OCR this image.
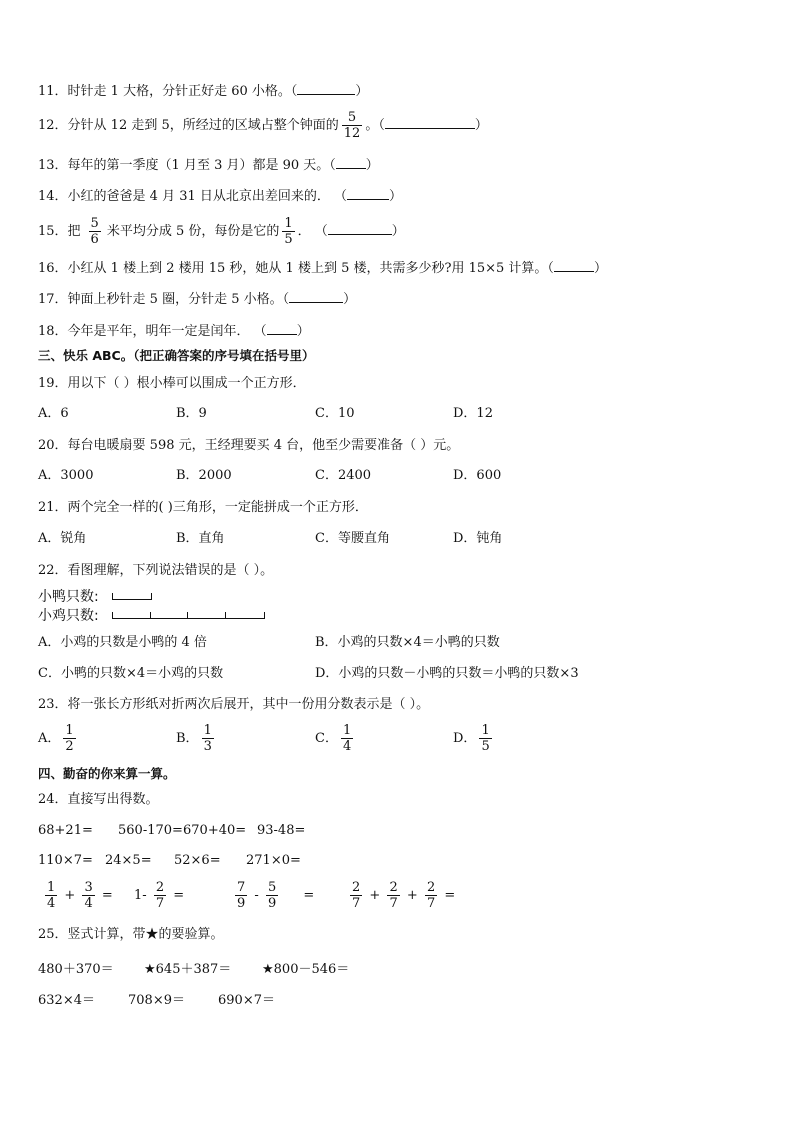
11．时针走 1 大格，分针正好走 60 小格。（	）
12．分针从 12 走到 5，所经过的区域占整个钟面的 $\frac{5}{12}$ 。（	）
13．每年的第一季度（1 月至 3 月）都是 90 天。（ ）
14．小红的爸爸是 4 月 31 日从北京出差回来的． （	）
15．把 $\frac{5}{6}$ 米平均分成 5 份，每份是它的 $\frac{1}{5}$ ． （	）
16．小红从 1 楼上到 2 楼用 15 秒，她从 1 楼上到 5 楼，共需多少秒?用 15×5 计算。（	）
17．钟面上秒针走 5 圈，分针走 5 小格。（	）
18．今年是平年，明年一定是闰年． （ ）
三、快乐 ABC。（把正确答案的序号填在括号里）
19．用以下（ ）根小棒可以围成一个正方形．
A．6	B．9	C．10	D．12
20．每台电暖扇要 598 元，王经理要买 4 台，他至少需要准备（ ）元。
A．3000	B．2000	C．2400	D．600
21．两个完全一样的( )三角形，一定能拼成一个正方形．
A．锐角	B．直角	C．等腰直角	D．钝角
22．看图理解，下列说法错误的是（ ）。
小鸭只数:
小鸡只数:
A．小鸡的只数是小鸭的 4 倍	B．小鸡的只数×4＝小鸭的只数
C．小鸭的只数×4＝小鸡的只数	D．小鸡的只数－小鸭的只数＝小鸭的只数×3
23．将一张长方形纸对折两次后展开，其中一份用分数表示是（ ）。
A． $\frac{1}{2}$	B． $\frac{1}{3}$	C． $\frac{1}{4}$	D． $\frac{1}{5}$
四、勤奋的你来算一算。
24．直接写出得数。
68+21= 560-170= 670+40= 93-48=
110×7= 24×5= 52×6= 271×0=
$\frac{1}{4} + \frac{3}{4} = 1- \frac{2}{7}$ =	$\frac{7}{9} - \frac{5}{9}$ =	$\frac{2}{7} + \frac{2}{7} + \frac{2}{7}$ =
25．竖式计算，带★的要验算。
480＋370＝ ★645＋387＝ ★800－546＝
632×4＝	708×9＝	690×7＝
